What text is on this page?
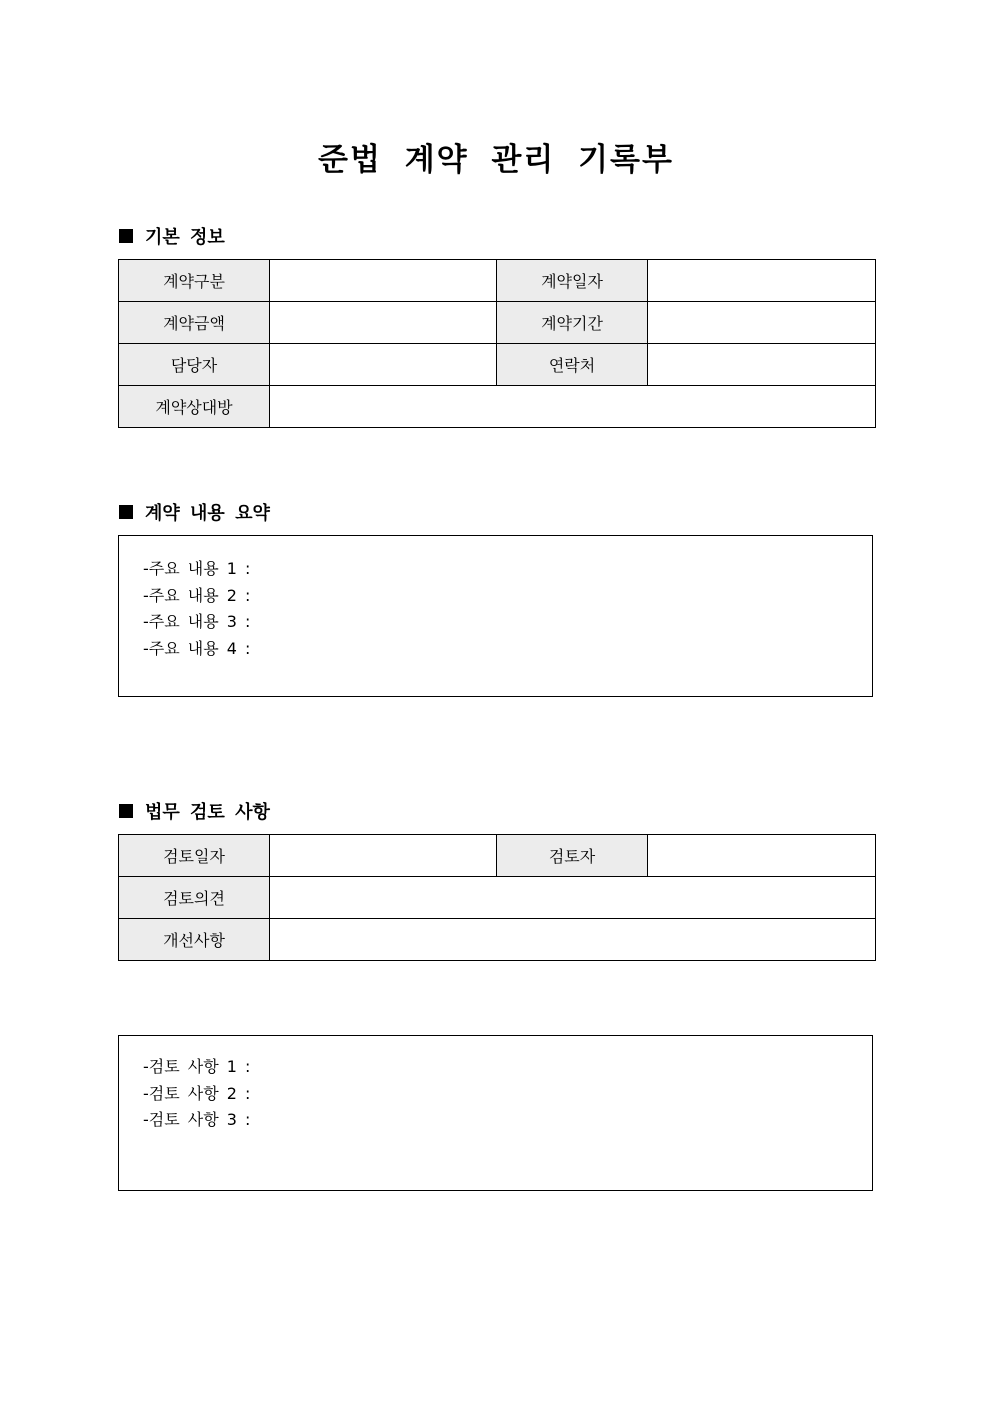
준법 계약 관리 기록부
기본 정보
계약구분		계약일자	
계약금액		계약기간	
담당자		연락처	
계약상대방			
계약 내용 요약
-주요 내용 1 :
-주요 내용 2 :
-주요 내용 3 :
-주요 내용 4 :
법무 검토 사항
검토일자		검토자	
검토의견			
개선사항			
-검토 사항 1 :
-검토 사항 2 :
-검토 사항 3 :
